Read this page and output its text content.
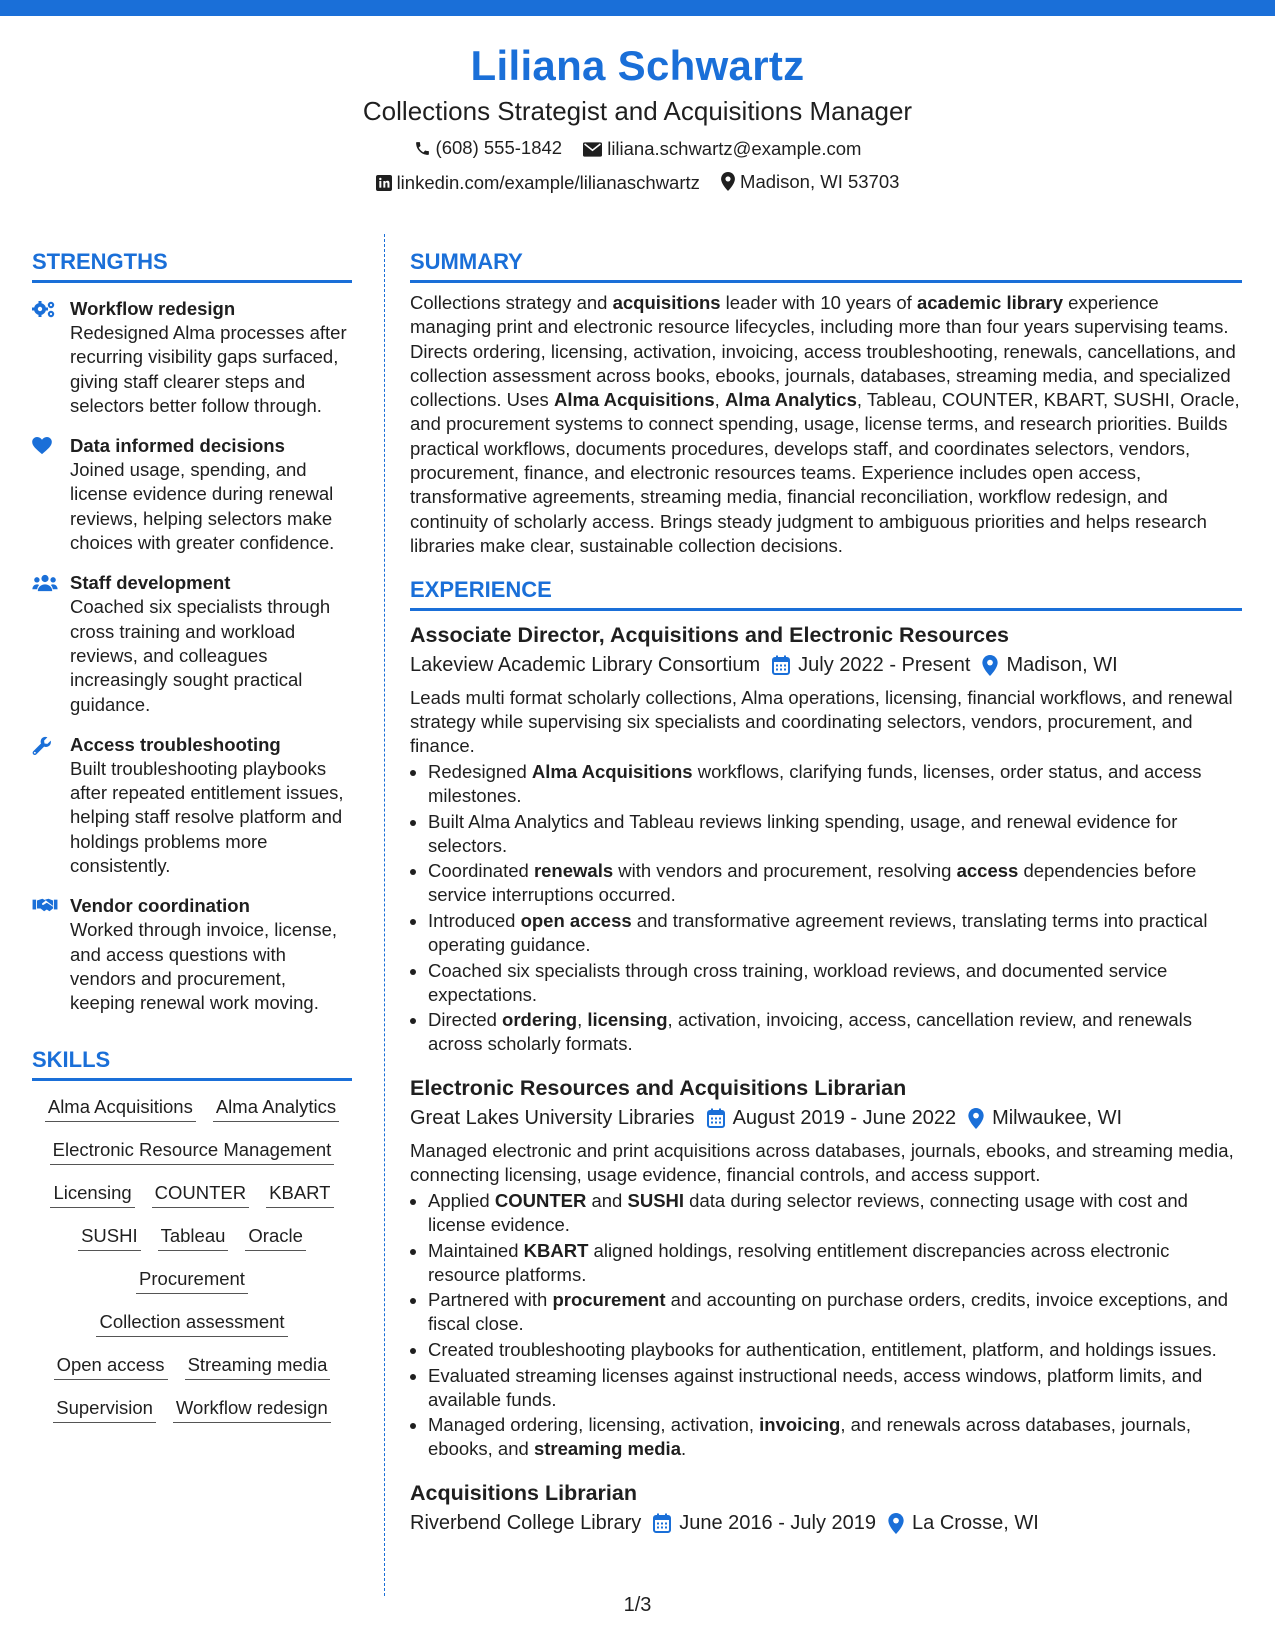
Liliana Schwartz
Collections Strategist and Acquisitions Manager
(608) 555-1842
liliana.schwartz@example.com
linkedin.com/example/lilianaschwartz
Madison, WI 53703
STRENGTHS
Workflow redesign
Redesigned Alma processes after recurring visibility gaps surfaced, giving staff clearer steps and selectors better follow through.
Data informed decisions
Joined usage, spending, and license evidence during renewal reviews, helping selectors make choices with greater confidence.
Staff development
Coached six specialists through cross training and workload reviews, and colleagues increasingly sought practical guidance.
Access troubleshooting
Built troubleshooting playbooks after repeated entitlement issues, helping staff resolve platform and holdings problems more consistently.
Vendor coordination
Worked through invoice, license, and access questions with vendors and procurement, keeping renewal work moving.
SKILLS
Alma Acquisitions Alma Analytics
Electronic Resource Management
Licensing COUNTER KBART
SUSHI Tableau Oracle
Procurement
Collection assessment
Open access Streaming media
Supervision Workflow redesign
SUMMARY
Collections strategy and acquisitions leader with 10 years of academic library experience managing print and electronic resource lifecycles, including more than four years supervising teams. Directs ordering, licensing, activation, invoicing, access troubleshooting, renewals, cancellations, and collection assessment across books, ebooks, journals, databases, streaming media, and specialized collections. Uses Alma Acquisitions, Alma Analytics, Tableau, COUNTER, KBART, SUSHI, Oracle, and procurement systems to connect spending, usage, license terms, and research priorities. Builds practical workflows, documents procedures, develops staff, and coordinates selectors, vendors, procurement, finance, and electronic resources teams. Experience includes open access, transformative agreements, streaming media, financial reconciliation, workflow redesign, and continuity of scholarly access. Brings steady judgment to ambiguous priorities and helps research libraries make clear, sustainable collection decisions.
EXPERIENCE
Associate Director, Acquisitions and Electronic Resources
Lakeview Academic Library Consortium	July 2022 - Present	Madison, WI
Leads multi format scholarly collections, Alma operations, licensing, financial workflows, and renewal strategy while supervising six specialists and coordinating selectors, vendors, procurement, and finance.
• Redesigned Alma Acquisitions workflows, clarifying funds, licenses, order status, and access milestones.
• Built Alma Analytics and Tableau reviews linking spending, usage, and renewal evidence for selectors.
• Coordinated renewals with vendors and procurement, resolving access dependencies before service interruptions occurred.
• Introduced open access and transformative agreement reviews, translating terms into practical operating guidance.
• Coached six specialists through cross training, workload reviews, and documented service expectations.
• Directed ordering, licensing, activation, invoicing, access, cancellation review, and renewals across scholarly formats.
Electronic Resources and Acquisitions Librarian
Great Lakes University Libraries	August 2019 - June 2022	Milwaukee, WI
Managed electronic and print acquisitions across databases, journals, ebooks, and streaming media, connecting licensing, usage evidence, financial controls, and access support.
• Applied COUNTER and SUSHI data during selector reviews, connecting usage with cost and license evidence.
• Maintained KBART aligned holdings, resolving entitlement discrepancies across electronic resource platforms.
• Partnered with procurement and accounting on purchase orders, credits, invoice exceptions, and fiscal close.
• Created troubleshooting playbooks for authentication, entitlement, platform, and holdings issues.
• Evaluated streaming licenses against instructional needs, access windows, platform limits, and available funds.
• Managed ordering, licensing, activation, invoicing, and renewals across databases, journals, ebooks, and streaming media.
Acquisitions Librarian
Riverbend College Library	June 2016 - July 2019	La Crosse, WI
1/3
